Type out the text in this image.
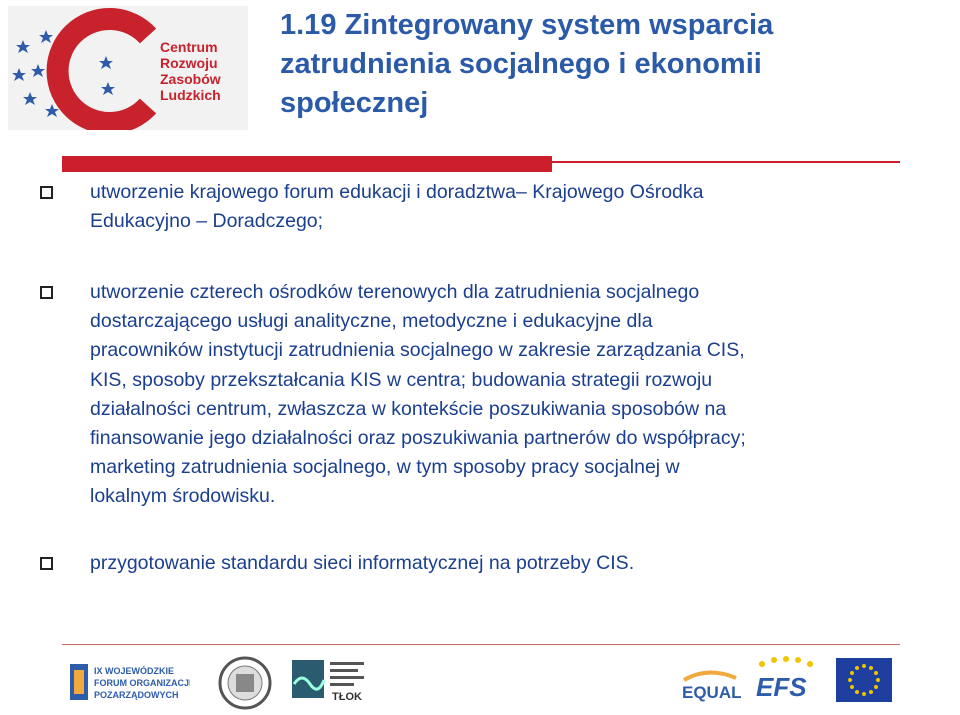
Centrum
Rozwoju
Zasobów
Ludzkich
1.19 Zintegrowany system wsparcia
zatrudnienia socjalnego i ekonomii
społecznej
utworzenie krajowego forum edukacji i doradztwa– Krajowego Ośrodka
Edukacyjno – Doradczego;
utworzenie czterech ośrodków terenowych dla zatrudnienia socjalnego
dostarczającego usługi analityczne, metodyczne i edukacyjne dla
pracowników instytucji zatrudnienia socjalnego w zakresie zarządzania CIS,
KIS, sposoby przekształcania KIS w centra; budowania strategii rozwoju
działalności centrum, zwłaszcza w kontekście poszukiwania sposobów na
finansowanie jego działalności oraz poszukiwania partnerów do współpracy;
marketing zatrudnienia socjalnego, w tym sposoby pracy socjalnej w
lokalnym środowisku.
przygotowanie standardu sieci informatycznej na potrzeby CIS.
IX WOJEWÓDZKIE
FORUM ORGANIZACJI
POZARZĄDOWYCH	TŁOK	EQUAL EFS
